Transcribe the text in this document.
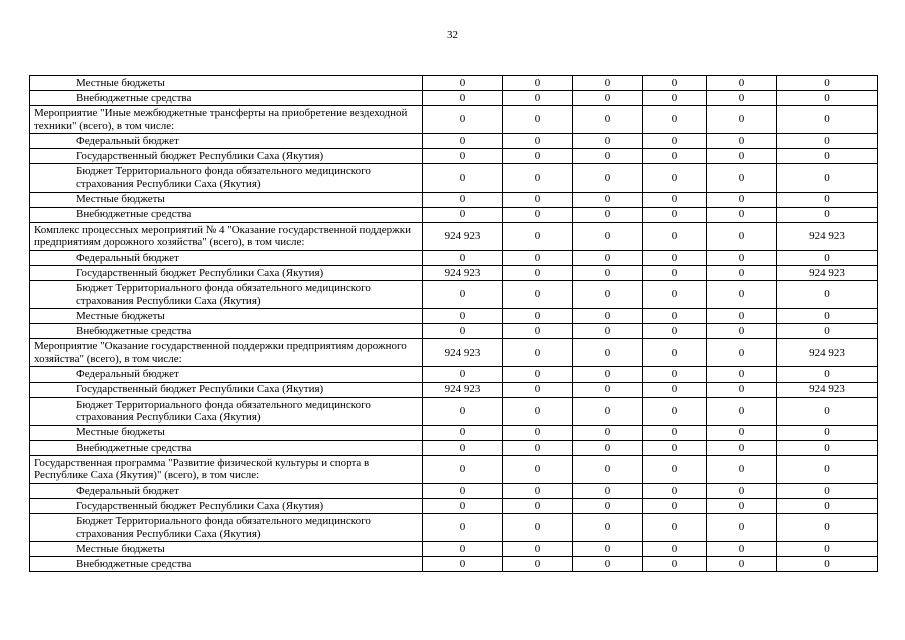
32
Местные бюджеты	0	0	0	0	0	0
Внебюджетные средства	0	0	0	0	0	0
Мероприятие "Иные межбюджетные трансферты на приобретение вездеходной техники" (всего), в том числе:	0	0	0	0	0	0
Федеральный бюджет	0	0	0	0	0	0
Государственный бюджет Республики Саха (Якутия)	0	0	0	0	0	0
Бюджет Территориального фонда обязательного медицинского страхования Республики Саха (Якутия)	0	0	0	0	0	0
Местные бюджеты	0	0	0	0	0	0
Внебюджетные средства	0	0	0	0	0	0
Комплекс процессных мероприятий № 4 "Оказание государственной поддержки предприятиям дорожного хозяйства" (всего), в том числе:	924 923	0	0	0	0	924 923
Федеральный бюджет	0	0	0	0	0	0
Государственный бюджет Республики Саха (Якутия)	924 923	0	0	0	0	924 923
Бюджет Территориального фонда обязательного медицинского страхования Республики Саха (Якутия)	0	0	0	0	0	0
Местные бюджеты	0	0	0	0	0	0
Внебюджетные средства	0	0	0	0	0	0
Мероприятие "Оказание государственной поддержки предприятиям дорожного хозяйства" (всего), в том числе:	924 923	0	0	0	0	924 923
Федеральный бюджет	0	0	0	0	0	0
Государственный бюджет Республики Саха (Якутия)	924 923	0	0	0	0	924 923
Бюджет Территориального фонда обязательного медицинского страхования Республики Саха (Якутия)	0	0	0	0	0	0
Местные бюджеты	0	0	0	0	0	0
Внебюджетные средства	0	0	0	0	0	0
Государственная программа "Развитие физической культуры и спорта в Республике Саха (Якутия)" (всего), в том числе:	0	0	0	0	0	0
Федеральный бюджет	0	0	0	0	0	0
Государственный бюджет Республики Саха (Якутия)	0	0	0	0	0	0
Бюджет Территориального фонда обязательного медицинского страхования Республики Саха (Якутия)	0	0	0	0	0	0
Местные бюджеты	0	0	0	0	0	0
Внебюджетные средства	0	0	0	0	0	0
